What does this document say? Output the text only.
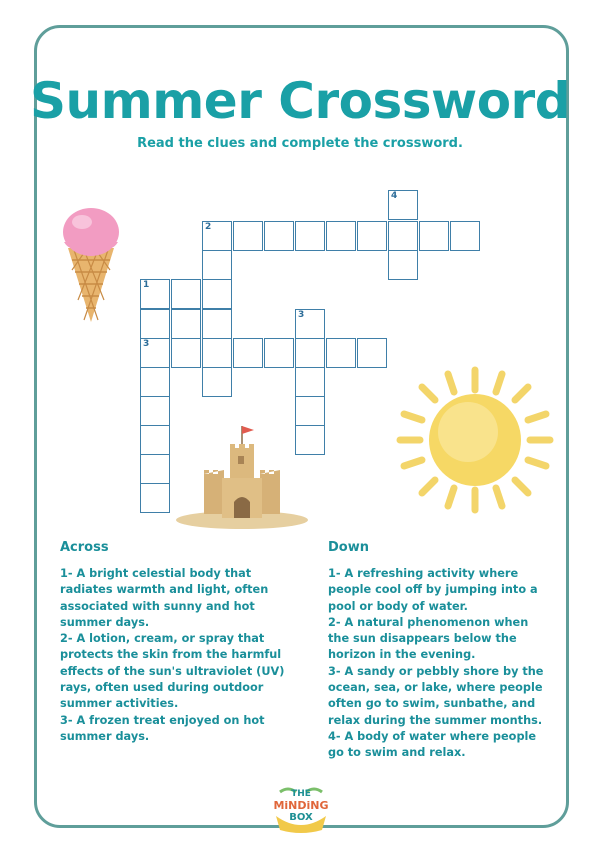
Summer Crossword
Read the clues and complete the crossword.
2
4
1
3
3
Across

1- A bright celestial body that radiates warmth and light, often associated with sunny and hot summer days.

2- A lotion, cream, or spray that protects the skin from the harmful effects of the sun's ultraviolet (UV) rays, often used during outdoor summer activities.

3- A frozen treat enjoyed on hot summer days.

Down

1- A refreshing activity where people cool off by jumping into a pool or body of water.

2- A natural phenomenon when the sun disappears below the horizon in the evening.

3- A sandy or pebbly shore by the ocean, sea, or lake, where people often go to swim, sunbathe, and relax during the summer months.

4- A body of water where people go to swim and relax.

THE
MiNDiNG
BOX
